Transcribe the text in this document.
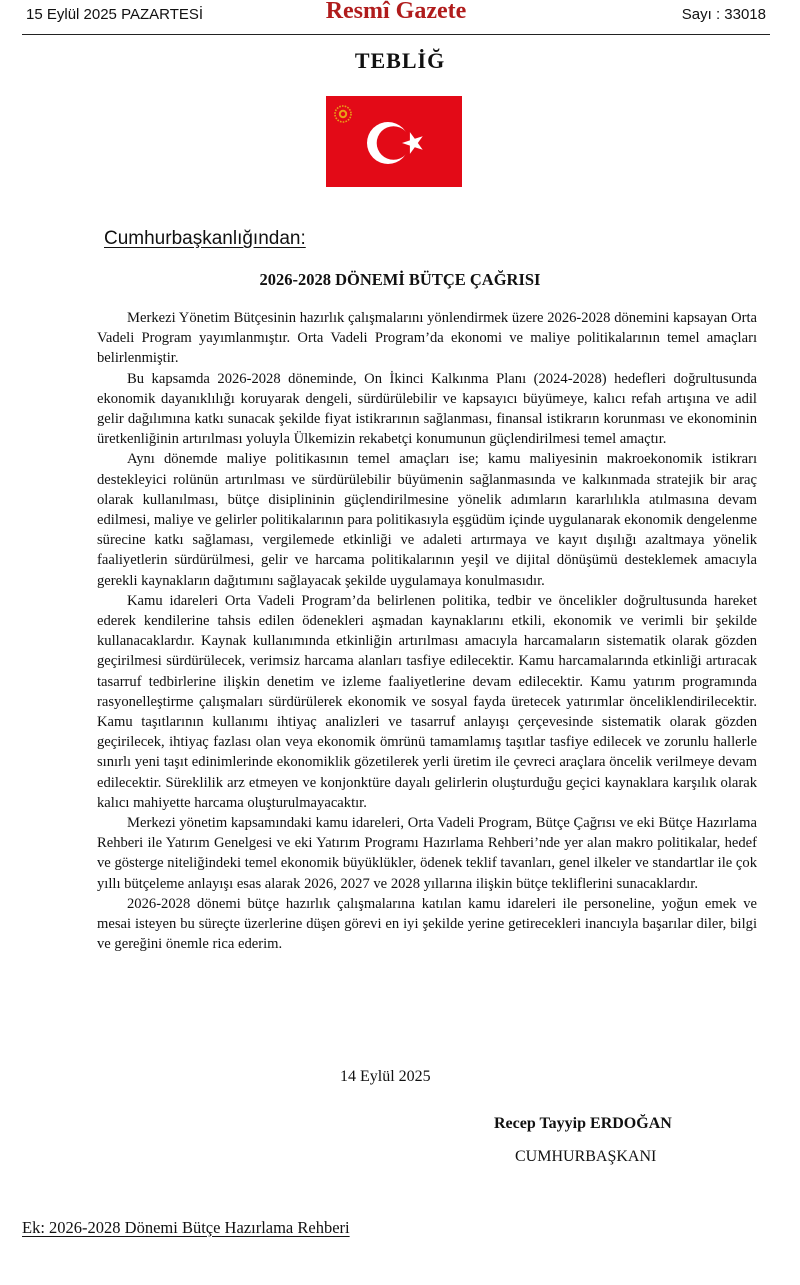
15 Eylül 2025 PAZARTESİ	Resmî Gazete	Sayı : 33018
TEBLİĞ
Cumhurbaşkanlığından:
2026-2028 DÖNEMİ BÜTÇE ÇAĞRISI

Merkezi Yönetim Bütçesinin hazırlık çalışmalarını yönlendirmek üzere 2026-2028 dönemini kapsayan Orta Vadeli Program yayımlanmıştır. Orta Vadeli Program’da ekonomi ve maliye politikalarının temel amaçları belirlenmiştir.

Bu kapsamda 2026-2028 döneminde, On İkinci Kalkınma Planı (2024-2028) hedefleri doğrultusunda ekonomik dayanıklılığı koruyarak dengeli, sürdürülebilir ve kapsayıcı büyümeye, kalıcı refah artışına ve adil gelir dağılımına katkı sunacak şekilde fiyat istikrarının sağlanması, finansal istikrarın korunması ve ekonominin üretkenliğinin artırılması yoluyla Ülkemizin rekabetçi konumunun güçlendirilmesi temel amaçtır.

Aynı dönemde maliye politikasının temel amaçları ise; kamu maliyesinin makroekonomik istikrarı destekleyici rolünün artırılması ve sürdürülebilir büyümenin sağlanmasında ve kalkınmada stratejik bir araç olarak kullanılması, bütçe disiplininin güçlendirilmesine yönelik adımların kararlılıkla atılmasına devam edilmesi, maliye ve gelirler politikalarının para politikasıyla eşgüdüm içinde uygulanarak ekonomik dengelenme sürecine katkı sağlaması, vergilemede etkinliği ve adaleti artırmaya ve kayıt dışılığı azaltmaya yönelik faaliyetlerin sürdürülmesi, gelir ve harcama politikalarının yeşil ve dijital dönüşümü desteklemek amacıyla gerekli kaynakların dağıtımını sağlayacak şekilde uygulamaya konulmasıdır.

Kamu idareleri Orta Vadeli Program’da belirlenen politika, tedbir ve öncelikler doğrultusunda hareket ederek kendilerine tahsis edilen ödenekleri aşmadan kaynaklarını etkili, ekonomik ve verimli bir şekilde kullanacaklardır. Kaynak kullanımında etkinliğin artırılması amacıyla harcamaların sistematik olarak gözden geçirilmesi sürdürülecek, verimsiz harcama alanları tasfiye edilecektir. Kamu harcamalarında etkinliği artıracak tasarruf tedbirlerine ilişkin denetim ve izleme faaliyetlerine devam edilecektir. Kamu yatırım programında rasyonelleştirme çalışmaları sürdürülerek ekonomik ve sosyal fayda üretecek yatırımlar önceliklendirilecektir. Kamu taşıtlarının kullanımı ihtiyaç analizleri ve tasarruf anlayışı çerçevesinde sistematik olarak gözden geçirilecek, ihtiyaç fazlası olan veya ekonomik ömrünü tamamlamış taşıtlar tasfiye edilecek ve zorunlu hallerle sınırlı yeni taşıt edinimlerinde ekonomiklik gözetilerek yerli üretim ile çevreci araçlara öncelik verilmeye devam edilecektir. Süreklilik arz etmeyen ve konjonktüre dayalı gelirlerin oluşturduğu geçici kaynaklara karşılık olarak kalıcı mahiyette harcama oluşturulmayacaktır.

Merkezi yönetim kapsamındaki kamu idareleri, Orta Vadeli Program, Bütçe Çağrısı ve eki Bütçe Hazırlama Rehberi ile Yatırım Genelgesi ve eki Yatırım Programı Hazırlama Rehberi’nde yer alan makro politikalar, hedef ve gösterge niteliğindeki temel ekonomik büyüklükler, ödenek teklif tavanları, genel ilkeler ve standartlar ile çok yıllı bütçeleme anlayışı esas alarak 2026, 2027 ve 2028 yıllarına ilişkin bütçe tekliflerini sunacaklardır.

2026-2028 dönemi bütçe hazırlık çalışmalarına katılan kamu idareleri ile personeline, yoğun emek ve mesai isteyen bu süreçte üzerlerine düşen görevi en iyi şekilde yerine getirecekleri inancıyla başarılar diler, bilgi ve gereğini önemle rica ederim.

14 Eylül 2025
Recep Tayyip ERDOĞAN
CUMHURBAŞKANI
Ek: 2026-2028 Dönemi Bütçe Hazırlama Rehberi
